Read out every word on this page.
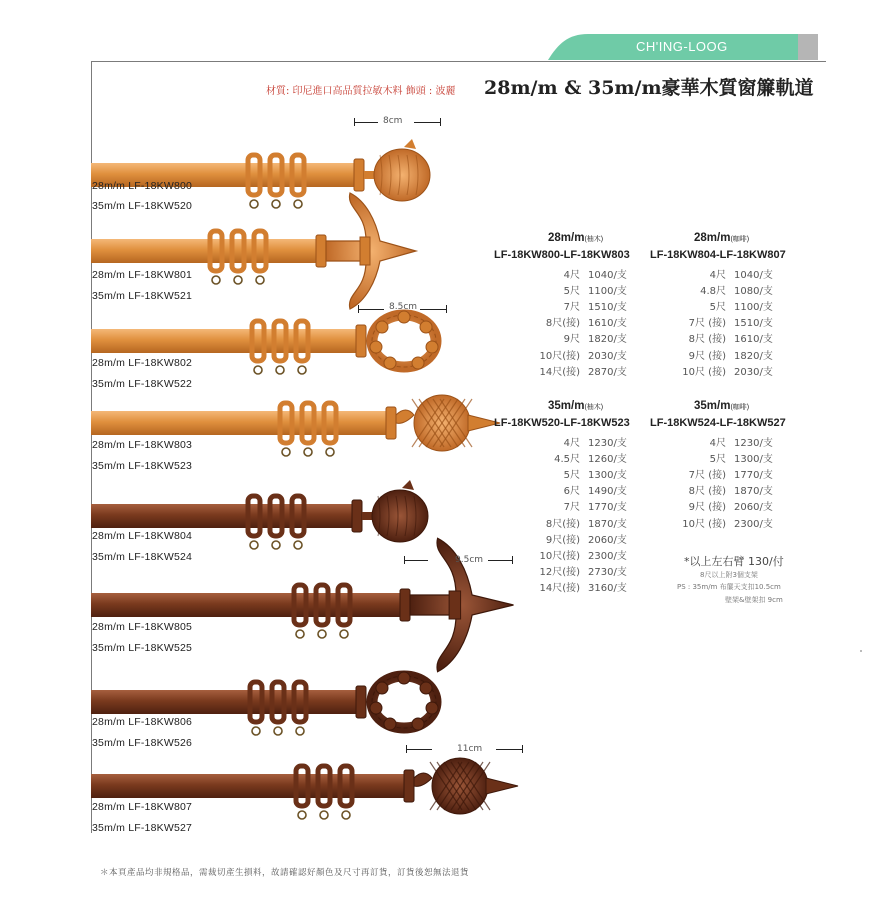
CH'ING-LOOG
材質: 印尼進口高品質拉敏木料 飾頭 : 波麗 28m/m & 35m/m豪華木質窗簾軌道
28m/m LF-18KW800
35m/m LF-18KW520
28m/m LF-18KW801
35m/m LF-18KW521
28m/m LF-18KW802
35m/m LF-18KW522
28m/m LF-18KW803
35m/m LF-18KW523
28m/m LF-18KW804
35m/m LF-18KW524
28m/m LF-18KW805
35m/m LF-18KW525
28m/m LF-18KW806
35m/m LF-18KW526
28m/m LF-18KW807
35m/m LF-18KW527
8cm
8.5cm
9.5cm
11cm
28m/m(柚木)
LF-18KW800-LF-18KW803
4尺 1040/支
5尺 1100/支
7尺 1510/支
8尺(接) 1610/支
9尺 1820/支
10尺(接) 2030/支
14尺(接) 2870/支
28m/m(咖啡)
LF-18KW804-LF-18KW807
4尺 1040/支
4.8尺 1080/支
5尺 1100/支
7尺 (接) 1510/支
8尺 (接) 1610/支
9尺 (接) 1820/支
10尺 (接) 2030/支
35m/m(柚木)
LF-18KW520-LF-18KW523
4尺 1230/支
4.5尺 1260/支
5尺 1300/支
6尺 1490/支
7尺 1770/支
8尺(接) 1870/支
9尺(接) 2060/支
10尺(接) 2300/支
12尺(接) 2730/支
14尺(接) 3160/支
35m/m(咖啡)
LF-18KW524-LF-18KW527
4尺 1230/支
5尺 1300/支
7尺 (接) 1770/支
8尺 (接) 1870/支
9尺 (接) 2060/支
10尺 (接) 2300/支
*以上左右臂 130/付
8尺以上附3個支架
PS : 35m/m 布簾天支扣10.5cm
壁架&壁架扣 9cm
＊本頁產品均非規格品，需裁切產生損料，故請確認好顏色及尺寸再訂貨，訂貨後恕無法退貨
